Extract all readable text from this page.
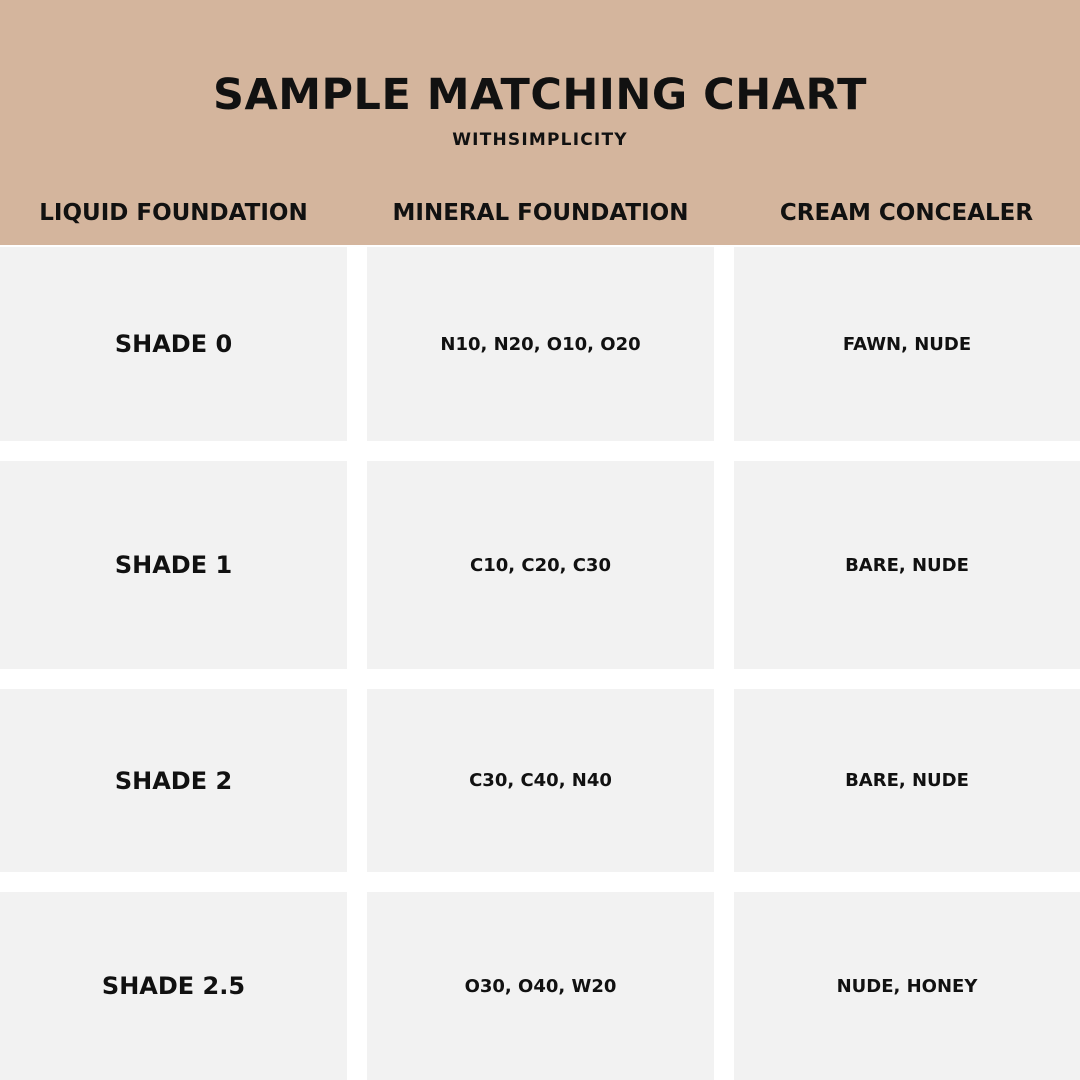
SAMPLE MATCHING CHART
WITHSIMPLICITY
LIQUID FOUNDATION	MINERAL FOUNDATION	CREAM CONCEALER
SHADE 0	N10, N20, O10, O20	FAWN, NUDE
SHADE 1	C10, C20, C30	BARE, NUDE
SHADE 2	C30, C40, N40	BARE, NUDE
SHADE 2.5	O30, O40, W20	NUDE, HONEY
